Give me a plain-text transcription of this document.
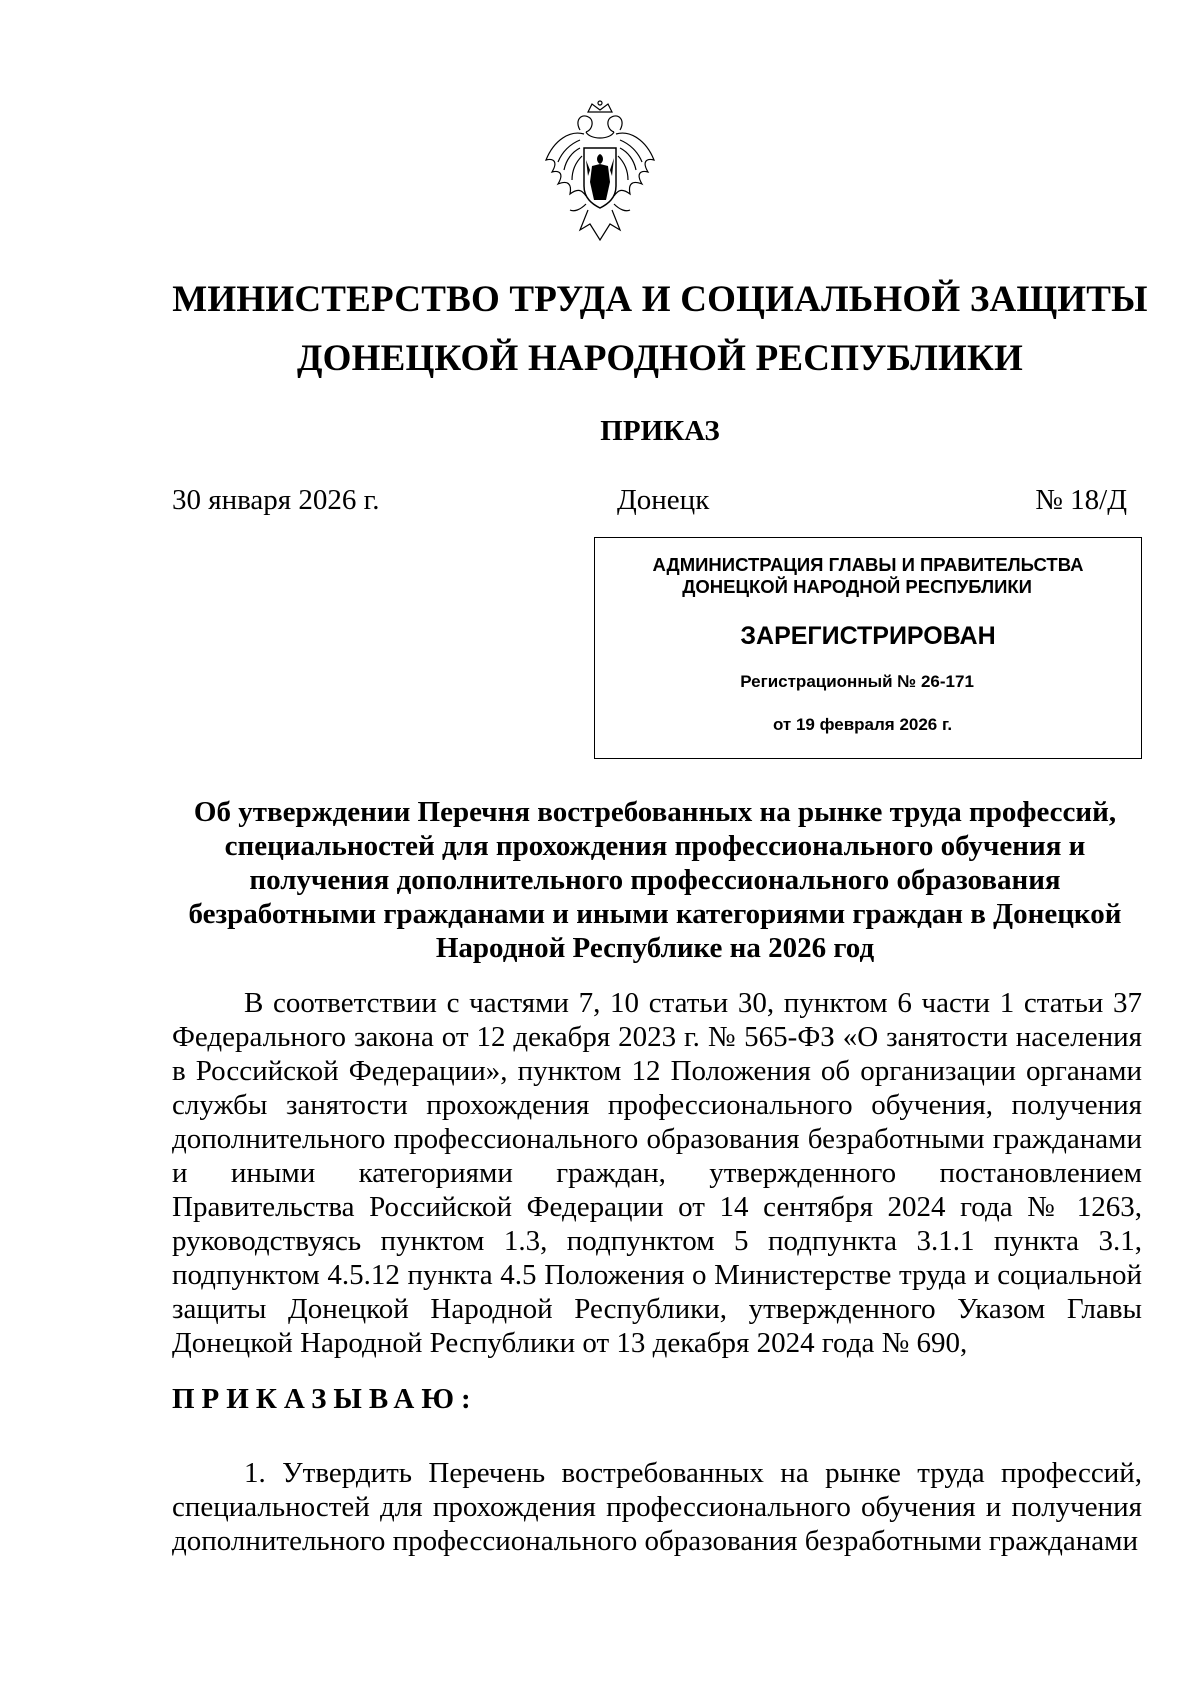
МИНИСТЕРСТВО ТРУДА И СОЦИАЛЬНОЙ ЗАЩИТЫ
ДОНЕЦКОЙ НАРОДНОЙ РЕСПУБЛИКИ
ПРИКАЗ
30 января 2026 г.	Донецк	№ 18/Д
АДМИНИСТРАЦИЯ ГЛАВЫ И ПРАВИТЕЛЬСТВА
ДОНЕЦКОЙ НАРОДНОЙ РЕСПУБЛИКИ
ЗАРЕГИСТРИРОВАН
Регистрационный № 26-171
от 19 февраля 2026 г.
Об утверждении Перечня востребованных на рынке труда профессий,
специальностей для прохождения профессионального обучения и
получения дополнительного профессионального образования
безработными гражданами и иными категориями граждан в Донецкой
Народной Республике на 2026 год
В соответствии с частями 7, 10 статьи 30, пунктом 6 части 1 статьи 37 Федерального закона от 12 декабря 2023 г. № 565-ФЗ «О занятости населения в Российской Федерации», пунктом 12 Положения об организации органами службы занятости прохождения профессионального обучения, получения дополнительного профессионального образования безработными гражданами и иными категориями граждан, утвержденного постановлением Правительства Российской Федерации от 14 сентября 2024 года № 1263, руководствуясь пунктом 1.3, подпунктом 5 подпункта 3.1.1 пункта 3.1, подпунктом 4.5.12 пункта 4.5 Положения о Министерстве труда и социальной защиты Донецкой Народной Республики, утвержденного Указом Главы Донецкой Народной Республики от 13 декабря 2024 года № 690,
ПРИКАЗЫВАЮ:
1. Утвердить Перечень востребованных на рынке труда профессий, специальностей для прохождения профессионального обучения и получения дополнительного профессионального образования безработными гражданами
